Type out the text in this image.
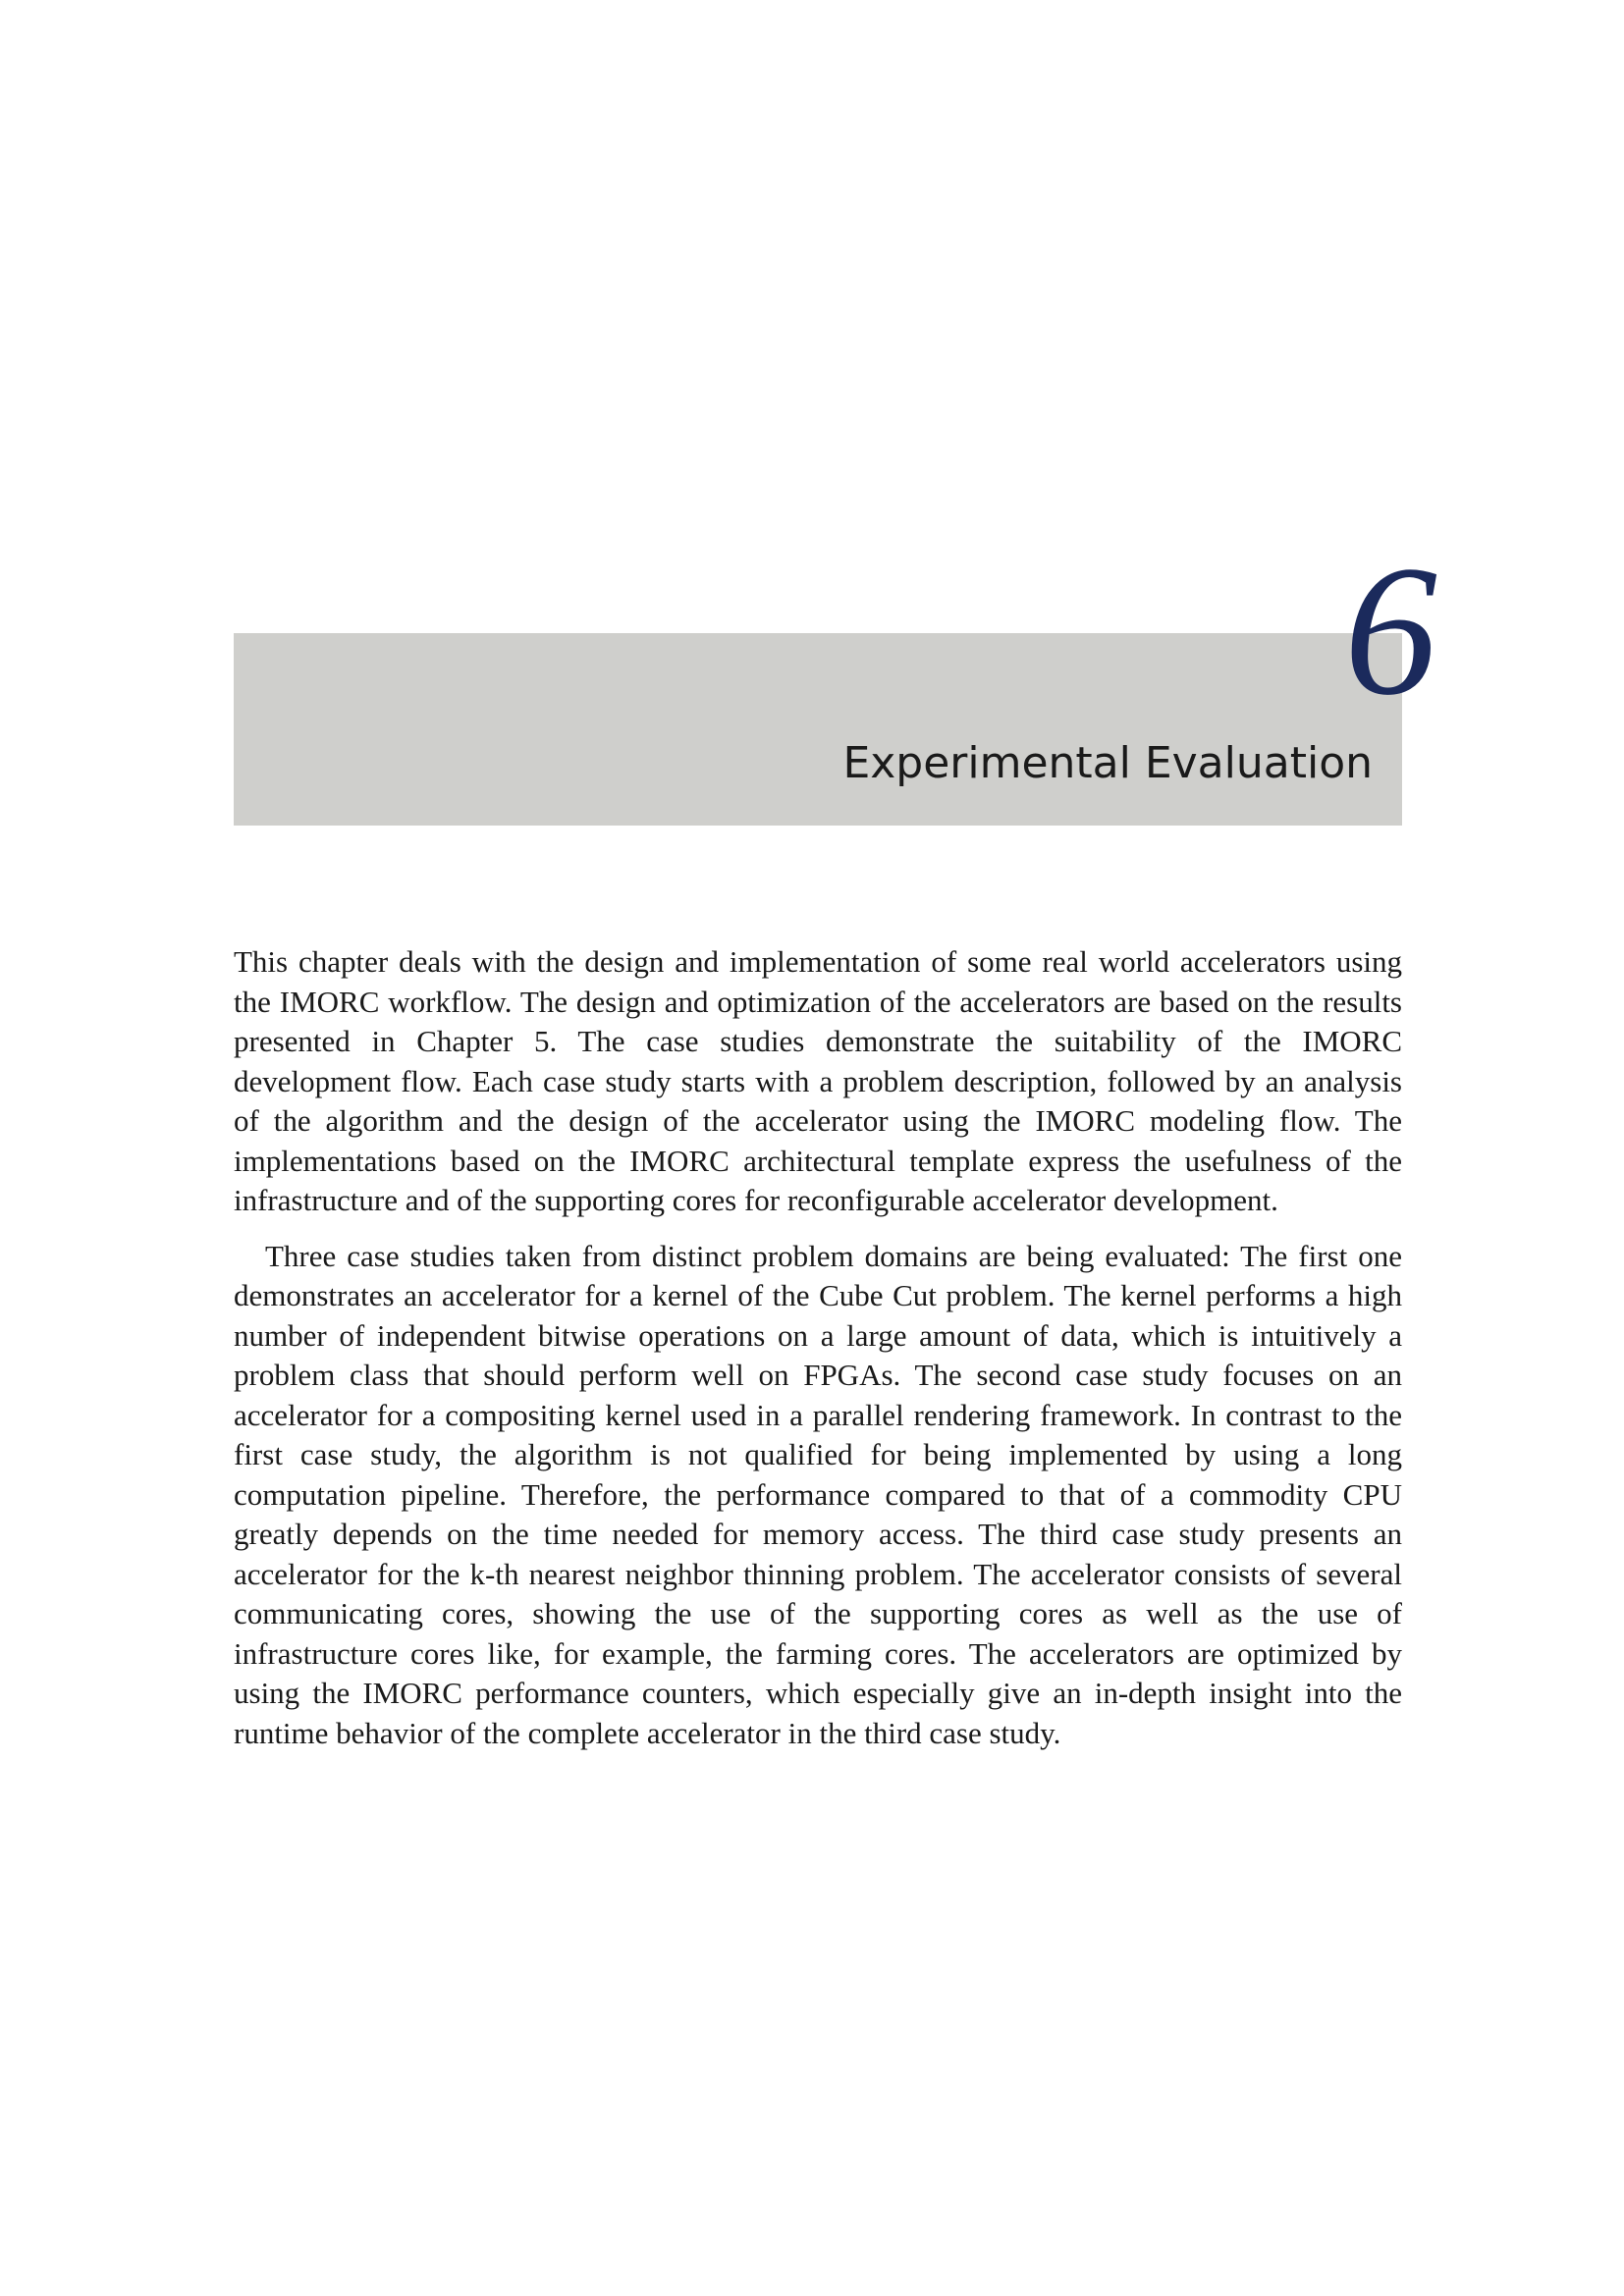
6
Experimental Evaluation

This chapter deals with the design and implementation of some real world accelerators using the IMORC workflow. The design and optimization of the accelerators are based on the results presented in Chapter 5. The case studies demonstrate the suitability of the IMORC development flow. Each case study starts with a problem description, followed by an analysis of the algorithm and the design of the accelerator using the IMORC modeling flow. The implementations based on the IMORC architectural template express the usefulness of the infrastructure and of the supporting cores for reconfigurable accelerator development.

Three case studies taken from distinct problem domains are being evaluated: The first one demonstrates an accelerator for a kernel of the Cube Cut problem. The kernel performs a high number of independent bitwise operations on a large amount of data, which is intuitively a problem class that should perform well on FPGAs. The second case study focuses on an accelerator for a compositing kernel used in a parallel rendering framework. In contrast to the first case study, the algorithm is not qualified for being implemented by using a long computation pipeline. Therefore, the performance compared to that of a commodity CPU greatly depends on the time needed for memory access. The third case study presents an accelerator for the k-th nearest neighbor thinning problem. The accelerator consists of several communicating cores, showing the use of the supporting cores as well as the use of infrastructure cores like, for example, the farming cores. The accelerators are optimized by using the IMORC performance counters, which especially give an in-depth insight into the runtime behavior of the complete accelerator in the third case study.
